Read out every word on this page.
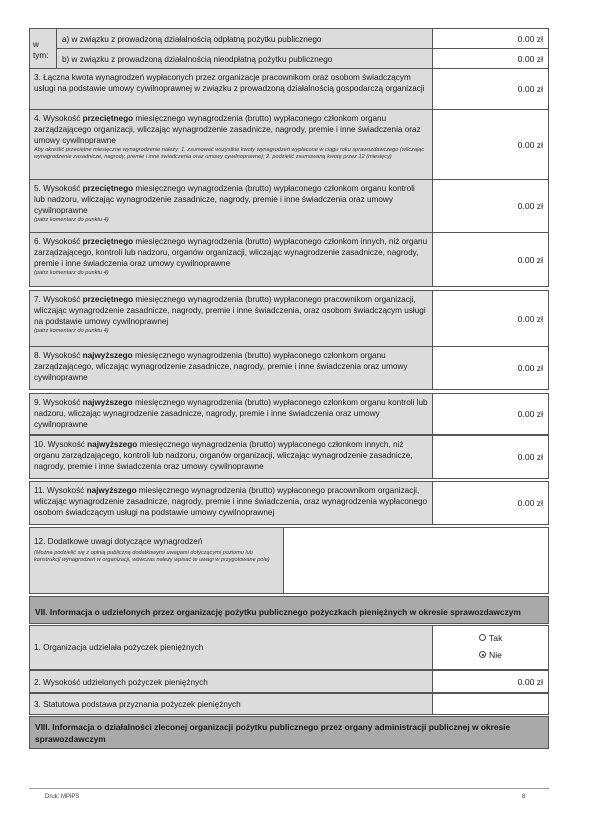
w tym:
a) w związku z prowadzoną działalnością odpłatną pożytku publicznego	0.00 zł
b) w związku z prowadzoną działalnością nieodpłatną pożytku publicznego	0.00 zł
3. Łączna kwota wynagrodzeń wypłaconych przez organizacje pracownikom oraz osobom świadczącym usługi na podstawie umowy cywilnoprawnej w związku z prowadzoną działalnością gospodarczą organizacji	0.00 zł
4. Wysokość przeciętnego miesięcznego wynagrodzenia (brutto) wypłaconego członkom organu zarządzającego organizacji, wliczając wynagrodzenie zasadnicze, nagrody, premie i inne świadczenia oraz umowy cywilnoprawne
Aby określić przeciętne miesięczne wynagrodzenie należy: 1. zsumować wszystkie kwoty wynagrodzeń wypłacone w ciągu roku sprawozdawczego (wliczając wynagrodzenie zasadnicze, nagrody, premie i inne świadczenia oraz umowy cywilnoprawne); 2. podzielić zsumowaną kwotę przez 12 (miesięcy)
0.00 zł
5. Wysokość przeciętnego miesięcznego wynagrodzenia (brutto) wypłaconego członkom organu kontroli lub nadzoru, wliczając wynagrodzenie zasadnicze, nagrody, premie i inne świadczenia oraz umowy cywilnoprawne
(patrz komentarz do punktu 4)
0.00 zł
6. Wysokość przeciętnego miesięcznego wynagrodzenia (brutto) wypłaconego członkom innych, niż organu zarządzającego, kontroli lub nadzoru, organów organizacji, wliczając wynagrodzenie zasadnicze, nagrody, premie i inne świadczenia oraz umowy cywilnoprawne
(patrz komentarz do punktu 4)
0.00 zł
7. Wysokość przeciętnego miesięcznego wynagrodzenia (brutto) wypłaconego pracownikom organizacji, wliczając wynagrodzenie zasadnicze, nagrody, premie i inne świadczenia, oraz osobom świadczącym usługi na podstawie umowy cywilnoprawnej
(patrz komentarz do punktu 4)
0.00 zł
8. Wysokość najwyższego miesięcznego wynagrodzenia (brutto) wypłaconego członkom organu zarządzającego, wliczając wynagrodzenie zasadnicze, nagrody, premie i inne świadczenia oraz umowy cywilnoprawne
0.00 zł
9. Wysokość najwyższego miesięcznego wynagrodzenia (brutto) wypłaconego członkom organu kontroli lub nadzoru, wliczając wynagrodzenie zasadnicze, nagrody, premie i inne świadczenia oraz umowy cywilnoprawne
0.00 zł
10. Wysokość najwyższego miesięcznego wynagrodzenia (brutto) wypłaconego członkom innych, niż organu zarządzającego, kontroli lub nadzoru, organów organizacji, wliczając wynagrodzenie zasadnicze, nagrody, premie i inne świadczenia oraz umowy cywilnoprawne
0.00 zł
11. Wysokość najwyższego miesięcznego wynagrodzenia (brutto) wypłaconego pracownikom organizacji, wliczając wynagrodzenie zasadnicze, nagrody, premie i inne świadczenia, oraz wynagrodzenia wypłaconego osobom świadczącym usługi na podstawie umowy cywilnoprawnej
0.00 zł
12. Dodatkowe uwagi dotyczące wynagrodzeń
(Można podzielić się z opinią publiczną dodatkowymi uwagami dotyczącymi poziomu lub konstrukcji wynagrodzeń w organizacji, wówczas należy wpisać te uwagi w przygotowane pole)
VII. Informacja o udzielonych przez organizację pożytku publicznego pożyczkach pieniężnych w okresie sprawozdawczym
1. Organizacja udzielała pożyczek pieniężnych
Tak
Nie
2. Wysokość udzielonych pożyczek pieniężnych	0.00 zł
3. Statutowa podstawa przyznania pożyczek pieniężnych
VIII. Informacja o działalności zleconej organizacji pożytku publicznego przez organy administracji publicznej w okresie sprawozdawczym
Druk: MPiPS	8
